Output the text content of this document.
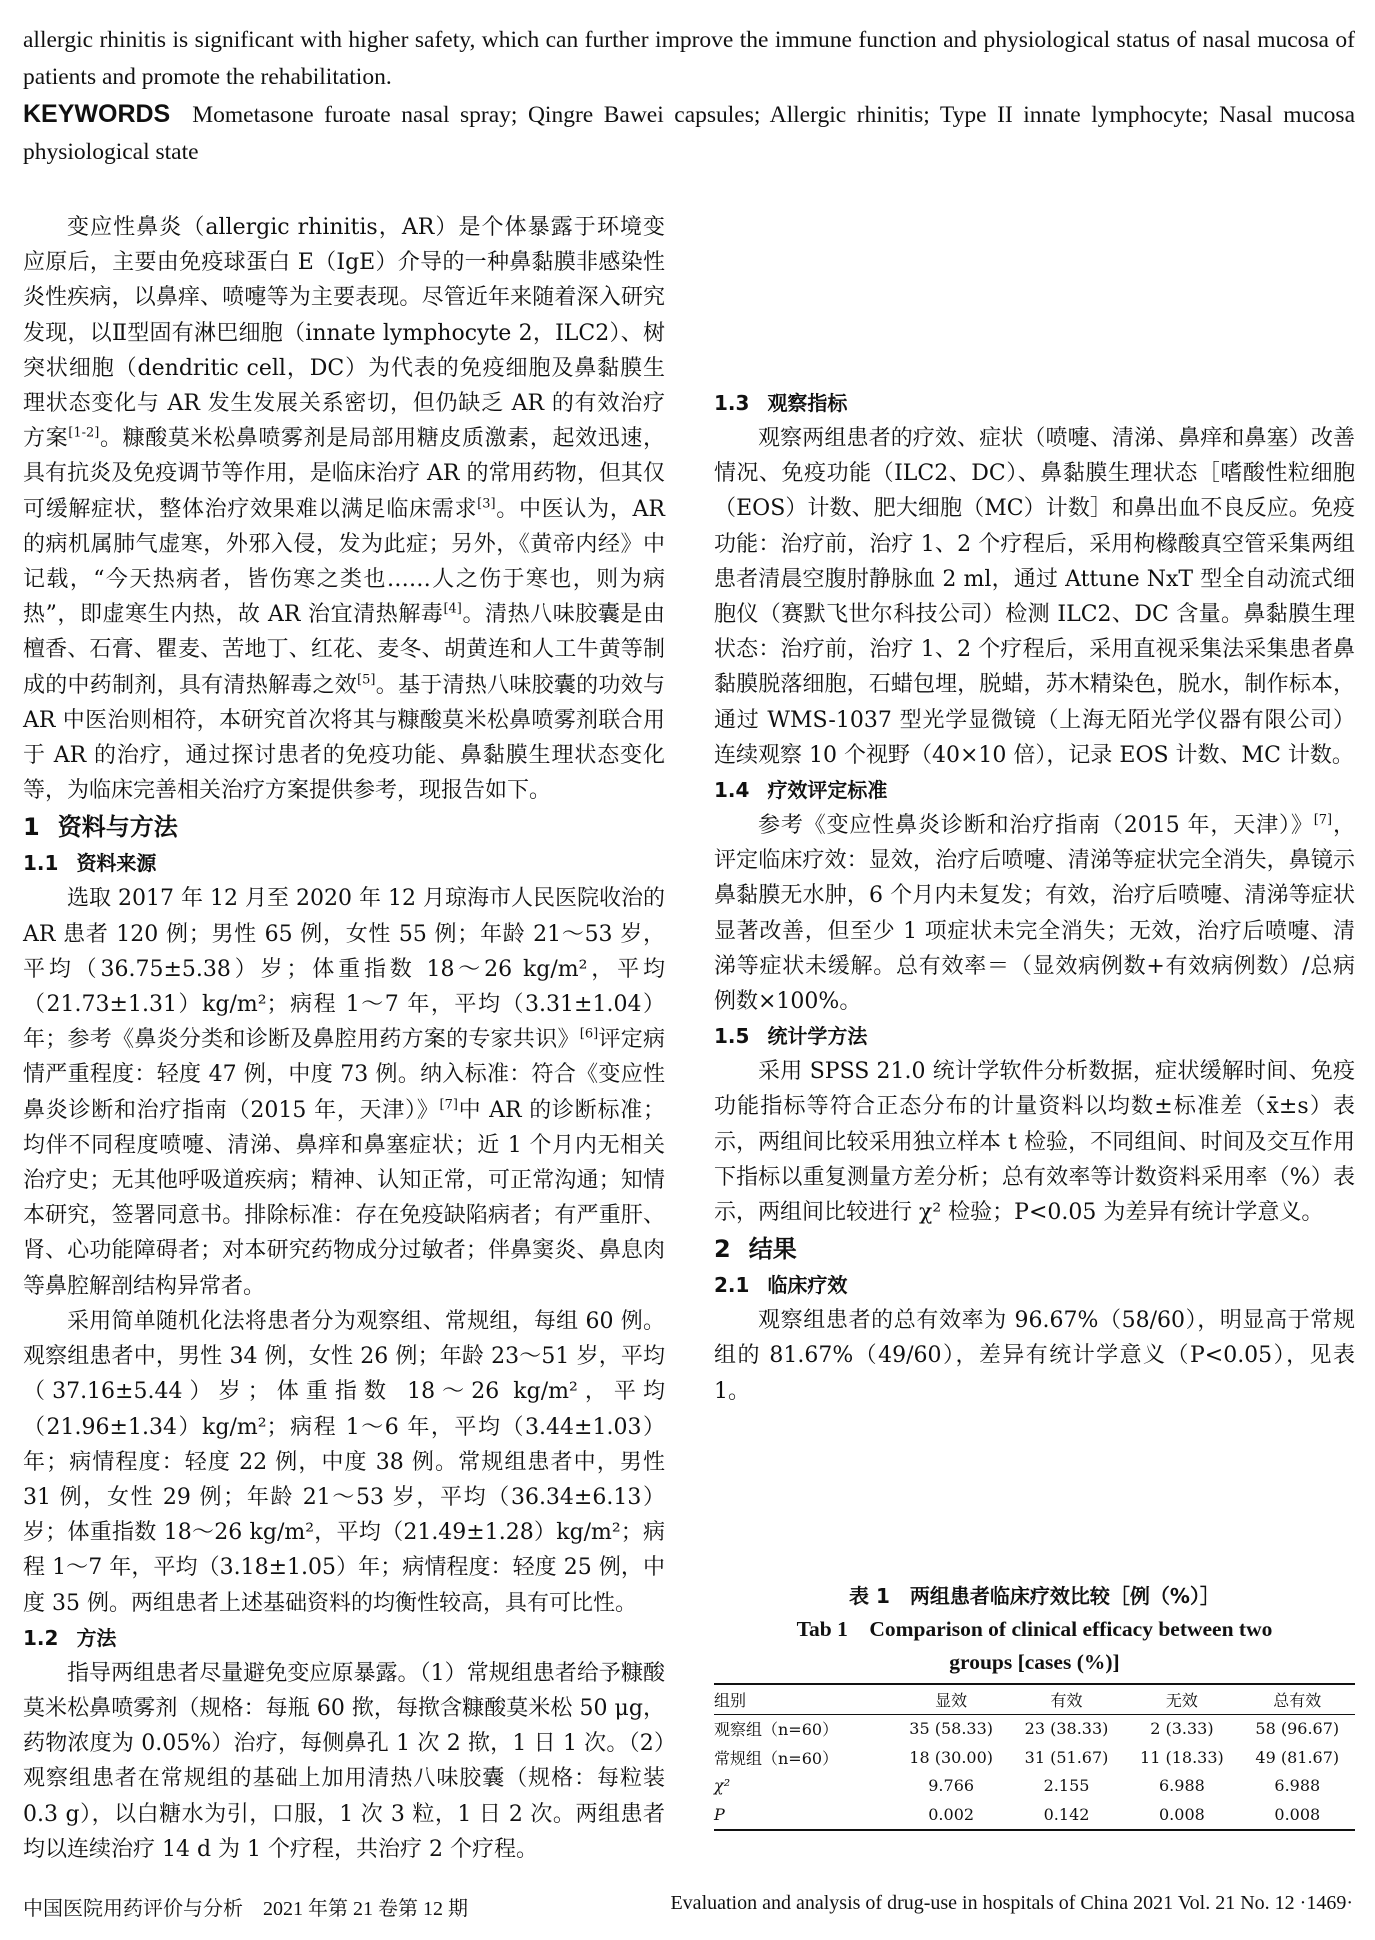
allergic rhinitis is significant with higher safety, which can further improve the immune function and physiological status of nasal mucosa of patients and promote the rehabilitation.

KEYWORDS Mometasone furoate nasal spray; Qingre Bawei capsules; Allergic rhinitis; Type II innate lymphocyte; Nasal mucosa physiological state

变应性鼻炎（allergic rhinitis，AR）是个体暴露于环境变应原后，主要由免疫球蛋白 E（IgE）介导的一种鼻黏膜非感染性炎性疾病，以鼻痒、喷嚏等为主要表现。尽管近年来随着深入研究发现，以Ⅱ型固有淋巴细胞（innate lymphocyte 2，ILC2）、树突状细胞（dendritic cell，DC）为代表的免疫细胞及鼻黏膜生理状态变化与 AR 发生发展关系密切，但仍缺乏 AR 的有效治疗方案[1-2]。糠酸莫米松鼻喷雾剂是局部用糖皮质激素，起效迅速，具有抗炎及免疫调节等作用，是临床治疗 AR 的常用药物，但其仅可缓解症状，整体治疗效果难以满足临床需求[3]。中医认为，AR 的病机属肺气虚寒，外邪入侵，发为此症；另外，《黄帝内经》中记载，“今天热病者，皆伤寒之类也……人之伤于寒也，则为病热”，即虚寒生内热，故 AR 治宜清热解毒[4]。清热八味胶囊是由檀香、石膏、瞿麦、苦地丁、红花、麦冬、胡黄连和人工牛黄等制成的中药制剂，具有清热解毒之效[5]。基于清热八味胶囊的功效与 AR 中医治则相符，本研究首次将其与糠酸莫米松鼻喷雾剂联合用于 AR 的治疗，通过探讨患者的免疫功能、鼻黏膜生理状态变化等，为临床完善相关治疗方案提供参考，现报告如下。

1 资料与方法

1.1 资料来源

选取 2017 年 12 月至 2020 年 12 月琼海市人民医院收治的 AR 患者 120 例；男性 65 例，女性 55 例；年龄 21～53 岁，平均（36.75±5.38）岁；体重指数 18～26 kg/m²，平均（21.73±1.31）kg/m²；病程 1～7 年，平均（3.31±1.04）年；参考《鼻炎分类和诊断及鼻腔用药方案的专家共识》[6]评定病情严重程度：轻度 47 例，中度 73 例。纳入标准：符合《变应性鼻炎诊断和治疗指南（2015 年，天津）》[7]中 AR 的诊断标准；均伴不同程度喷嚏、清涕、鼻痒和鼻塞症状；近 1 个月内无相关治疗史；无其他呼吸道疾病；精神、认知正常，可正常沟通；知情本研究，签署同意书。排除标准：存在免疫缺陷病者；有严重肝、肾、心功能障碍者；对本研究药物成分过敏者；伴鼻窦炎、鼻息肉等鼻腔解剖结构异常者。

采用简单随机化法将患者分为观察组、常规组，每组 60 例。观察组患者中，男性 34 例，女性 26 例；年龄 23～51 岁，平均（37.16±5.44）岁；体重指数 18～26 kg/m²，平均（21.96±1.34）kg/m²；病程 1～6 年，平均（3.44±1.03）年；病情程度：轻度 22 例，中度 38 例。常规组患者中，男性 31 例，女性 29 例；年龄 21～53 岁，平均（36.34±6.13）岁；体重指数 18～26 kg/m²，平均（21.49±1.28）kg/m²；病程 1～7 年，平均（3.18±1.05）年；病情程度：轻度 25 例，中度 35 例。两组患者上述基础资料的均衡性较高，具有可比性。

1.2 方法

指导两组患者尽量避免变应原暴露。（1）常规组患者给予糠酸莫米松鼻喷雾剂（规格：每瓶 60 揿，每揿含糠酸莫米松 50 μg，药物浓度为 0.05%）治疗，每侧鼻孔 1 次 2 揿，1 日 1 次。（2）观察组患者在常规组的基础上加用清热八味胶囊（规格：每粒装 0.3 g），以白糖水为引，口服，1 次 3 粒，1 日 2 次。两组患者均以连续治疗 14 d 为 1 个疗程，共治疗 2 个疗程。

1.3 观察指标

观察两组患者的疗效、症状（喷嚏、清涕、鼻痒和鼻塞）改善情况、免疫功能（ILC2、DC）、鼻黏膜生理状态［嗜酸性粒细胞（EOS）计数、肥大细胞（MC）计数］和鼻出血不良反应。免疫功能：治疗前，治疗 1、2 个疗程后，采用枸橼酸真空管采集两组患者清晨空腹肘静脉血 2 ml，通过 Attune NxT 型全自动流式细胞仪（赛默飞世尔科技公司）检测 ILC2、DC 含量。鼻黏膜生理状态：治疗前，治疗 1、2 个疗程后，采用直视采集法采集患者鼻黏膜脱落细胞，石蜡包埋，脱蜡，苏木精染色，脱水，制作标本，通过 WMS-1037 型光学显微镜（上海无陌光学仪器有限公司）连续观察 10 个视野（40×10 倍），记录 EOS 计数、MC 计数。

1.4 疗效评定标准

参考《变应性鼻炎诊断和治疗指南（2015 年，天津）》[7]，评定临床疗效：显效，治疗后喷嚏、清涕等症状完全消失，鼻镜示鼻黏膜无水肿，6 个月内未复发；有效，治疗后喷嚏、清涕等症状显著改善，但至少 1 项症状未完全消失；无效，治疗后喷嚏、清涕等症状未缓解。总有效率＝（显效病例数+有效病例数）/总病例数×100%。

1.5 统计学方法

采用 SPSS 21.0 统计学软件分析数据，症状缓解时间、免疫功能指标等符合正态分布的计量资料以均数±标准差（x̄±s）表示，两组间比较采用独立样本 t 检验，不同组间、时间及交互作用下指标以重复测量方差分析；总有效率等计数资料采用率（%）表示，两组间比较进行 χ² 检验；P<0.05 为差异有统计学意义。

2 结果

2.1 临床疗效

观察组患者的总有效率为 96.67%（58/60），明显高于常规组的 81.67%（49/60），差异有统计学意义（P<0.05），见表 1。

表 1　两组患者临床疗效比较［例（%）］
Tab 1　Comparison of clinical efficacy between two
groups [cases (%)]
组别	显效	有效	无效	总有效
观察组（n=60）	35 (58.33)	23 (38.33)	2 (3.33)	58 (96.67)
常规组（n=60）	18 (30.00)	31 (51.67)	11 (18.33)	49 (81.67)
χ²	9.766	2.155	6.988	6.988
P	0.002	0.142	0.008	0.008
中国医院用药评价与分析　2021 年第 21 卷第 12 期	Evaluation and analysis of drug-use in hospitals of China 2021 Vol. 21 No. 12 ·1469·
